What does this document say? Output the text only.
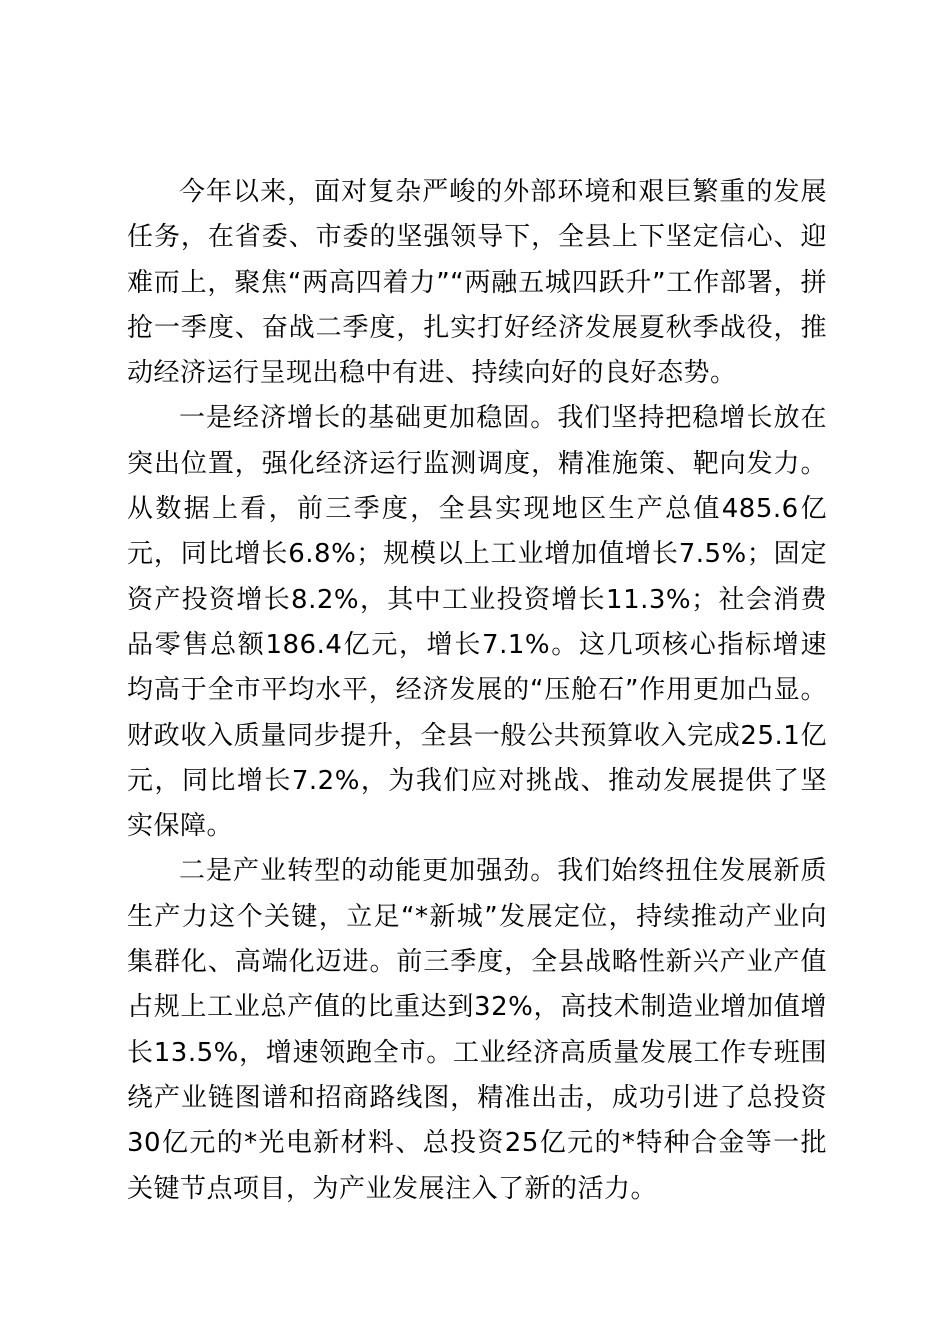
今年以来，面对复杂严峻的外部环境和艰巨繁重的发展任务，在省委、市委的坚强领导下，全县上下坚定信心、迎难而上，聚焦“两高四着力”“两融五城四跃升”工作部署，拼抢一季度、奋战二季度，扎实打好经济发展夏秋季战役，推动经济运行呈现出稳中有进、持续向好的良好态势。

一是经济增长的基础更加稳固。我们坚持把稳增长放在突出位置，强化经济运行监测调度，精准施策、靶向发力。从数据上看，前三季度，全县实现地区生产总值485.6亿元，同比增长6.8%；规模以上工业增加值增长7.5%；固定资产投资增长8.2%，其中工业投资增长11.3%；社会消费品零售总额186.4亿元，增长7.1%。这几项核心指标增速均高于全市平均水平，经济发展的“压舱石”作用更加凸显。财政收入质量同步提升，全县一般公共预算收入完成25.1亿元，同比增长7.2%，为我们应对挑战、推动发展提供了坚实保障。

二是产业转型的动能更加强劲。我们始终扭住发展新质生产力这个关键，立足“*新城”发展定位，持续推动产业向集群化、高端化迈进。前三季度，全县战略性新兴产业产值占规上工业总产值的比重达到32%，高技术制造业增加值增长13.5%，增速领跑全市。工业经济高质量发展工作专班围绕产业链图谱和招商路线图，精准出击，成功引进了总投资30亿元的*光电新材料、总投资25亿元的*特种合金等一批关键节点项目，为产业发展注入了新的活力。
